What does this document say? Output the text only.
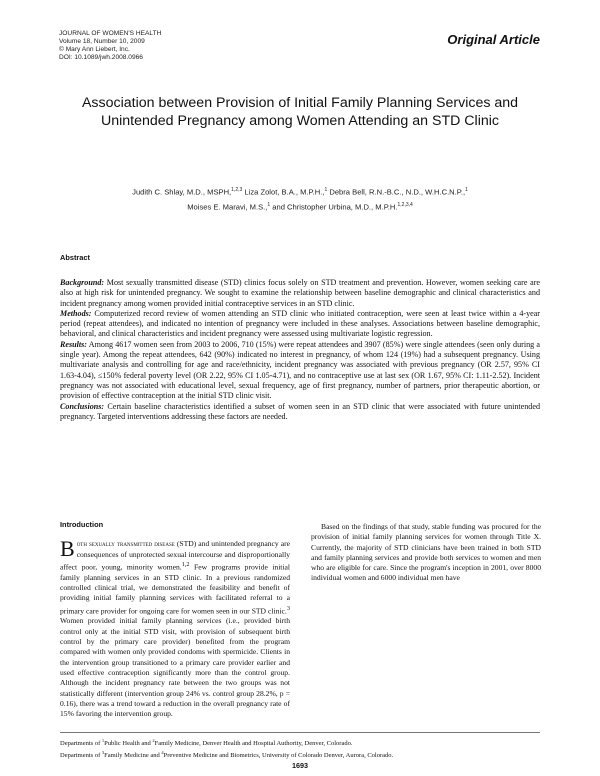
JOURNAL OF WOMEN'S HEALTH
Volume 18, Number 10, 2009
© Mary Ann Liebert, Inc.
DOI: 10.1089/jwh.2008.0966
Original Article
Association between Provision of Initial Family Planning Services and Unintended Pregnancy among Women Attending an STD Clinic
Judith C. Shlay, M.D., MSPH,$^{1,2,3}$ Liza Zolot, B.A., M.P.H.,$^1$ Debra Bell, R.N.-B.C., N.D., W.H.C.N.P.,$^1$
Moises E. Maravi, M.S.,$^1$ and Christopher Urbina, M.D., M.P.H.$^{1,2,3,4}$
Abstract

Background: Most sexually transmitted disease (STD) clinics focus solely on STD treatment and prevention. However, women seeking care are also at high risk for unintended pregnancy. We sought to examine the relationship between baseline demographic and clinical characteristics and incident pregnancy among women provided initial contraceptive services in an STD clinic.

Methods: Computerized record review of women attending an STD clinic who initiated contraception, were seen at least twice within a 4-year period (repeat attendees), and indicated no intention of pregnancy were included in these analyses. Associations between baseline demographic, behavioral, and clinical characteristics and incident pregnancy were assessed using multivariate logistic regression.

Results: Among 4617 women seen from 2003 to 2006, 710 (15%) were repeat attendees and 3907 (85%) were single attendees (seen only during a single year). Among the repeat attendees, 642 (90%) indicated no interest in pregnancy, of whom 124 (19%) had a subsequent pregnancy. Using multivariate analysis and controlling for age and race/ethnicity, incident pregnancy was associated with previous pregnancy (OR 2.57, 95% CI 1.63-4.04), ≤150% federal poverty level (OR 2.22, 95% CI 1.05-4.71), and no contraceptive use at last sex (OR 1.67, 95% CI: 1.11-2.52). Incident pregnancy was not associated with educational level, sexual frequency, age of first pregnancy, number of partners, prior therapeutic abortion, or provision of effective contraception at the initial STD clinic visit.

Conclusions: Certain baseline characteristics identified a subset of women seen in an STD clinic that were associated with future unintended pregnancy. Targeted interventions addressing these factors are needed.

Introduction

Both sexually transmitted disease (STD) and unintended pregnancy are consequences of unprotected sexual intercourse and disproportionally affect poor, young, minority women.$^{1,2}$ Few programs provide initial family planning services in an STD clinic. In a previous randomized controlled clinical trial, we demonstrated the feasibility and benefit of providing initial family planning services with facilitated referral to a primary care provider for ongoing care for women seen in our STD clinic.$^3$ Women provided initial family planning services (i.e., provided birth control only at the initial STD visit, with provision of subsequent birth control by the primary care provider) benefited from the program compared with women only provided condoms with spermicide. Clients in the intervention group transitioned to a primary care provider earlier and used effective contraception significantly more than the control group. Although the incident pregnancy rate between the two groups was not statistically different (intervention group 24% vs. control group 28.2%, p = 0.16), there was a trend toward a reduction in the overall pregnancy rate of 15% favoring the intervention group.

Based on the findings of that study, stable funding was procured for the provision of initial family planning services for women through Title X. Currently, the majority of STD clinicians have been trained in both STD and family planning services and provide both services to women and men who are eligible for care. Since the program's inception in 2001, over 8000 individual women and 6000 individual men have

Departments of $^1$Public Health and $^2$Family Medicine, Denver Health and Hospital Authority, Denver, Colorado.
Departments of $^3$Family Medicine and $^4$Preventive Medicine and Biometrics, University of Colorado Denver, Aurora, Colorado.
1693
